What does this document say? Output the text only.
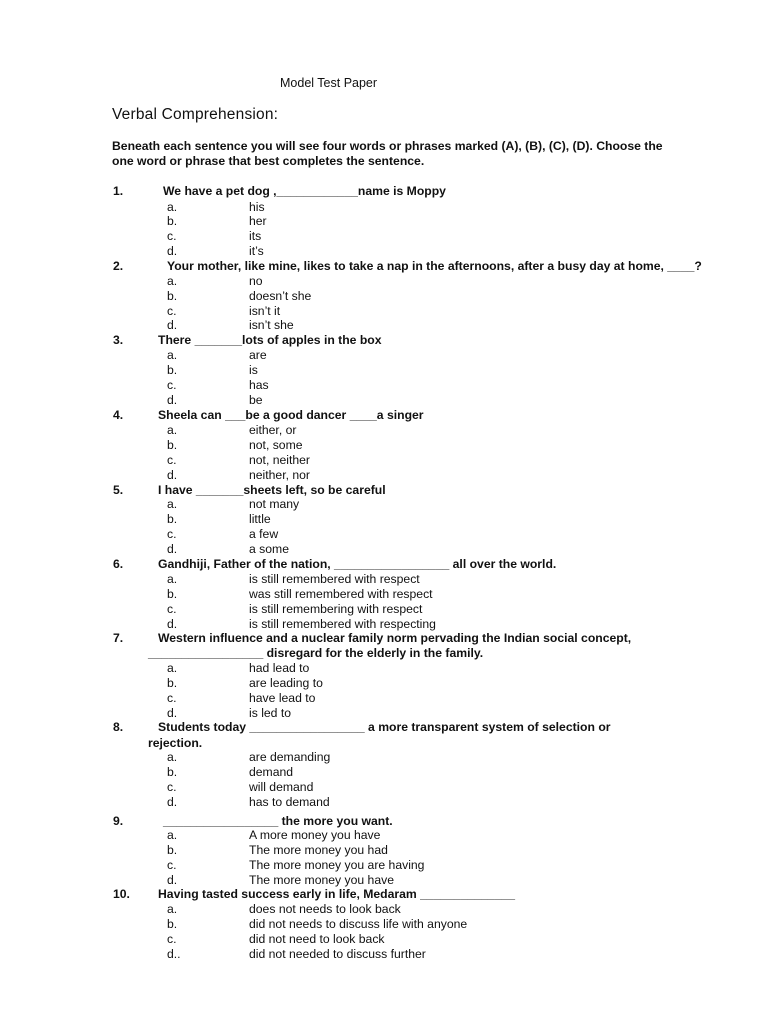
Model Test Paper
Verbal Comprehension:
Beneath each sentence you will see four words or phrases marked (A), (B), (C), (D). Choose the one word or phrase that best completes the sentence.
1.	We have a pet dog ,____________name is Moppy
a.	his
b.	her
c.	its
d.	it’s
2.	Your mother, like mine, likes to take a nap in the afternoons, after a busy day at home, ____?
a.	no
b.	doesn’t she
c.	isn’t it
d.	isn’t she
3.	There _______lots of apples in the box
a.	are
b.	is
c.	has
d.	be
4.	Sheela can ___be a good dancer ____a singer
a.	either, or
b.	not, some
c.	not, neither
d.	neither, nor
5.	I have _______sheets left, so be careful
a.	not many
b.	little
c.	a few
d.	a some
6.	Gandhiji, Father of the nation, _________________ all over the world.
a.	is still remembered with respect
b.	was still remembered with respect
c.	is still remembering with respect
d.	is still remembered with respecting
7.	Western influence and a nuclear family norm pervading the Indian social concept,
_________________ disregard for the elderly in the family.
a.	had lead to
b.	are leading to
c.	have lead to
d.	is led to
8.	Students today _________________ a more transparent system of selection or
rejection.
a.	are demanding
b.	demand
c.	will demand
d.	has to demand
9.	_________________ the more you want.
a.	A more money you have
b.	The more money you had
c.	The more money you are having
d.	The more money you have
10. Having tasted success early in life, Medaram ______________
a.	does not needs to look back
b.	did not needs to discuss life with anyone
c.	did not need to look back
d..	did not needed to discuss further
